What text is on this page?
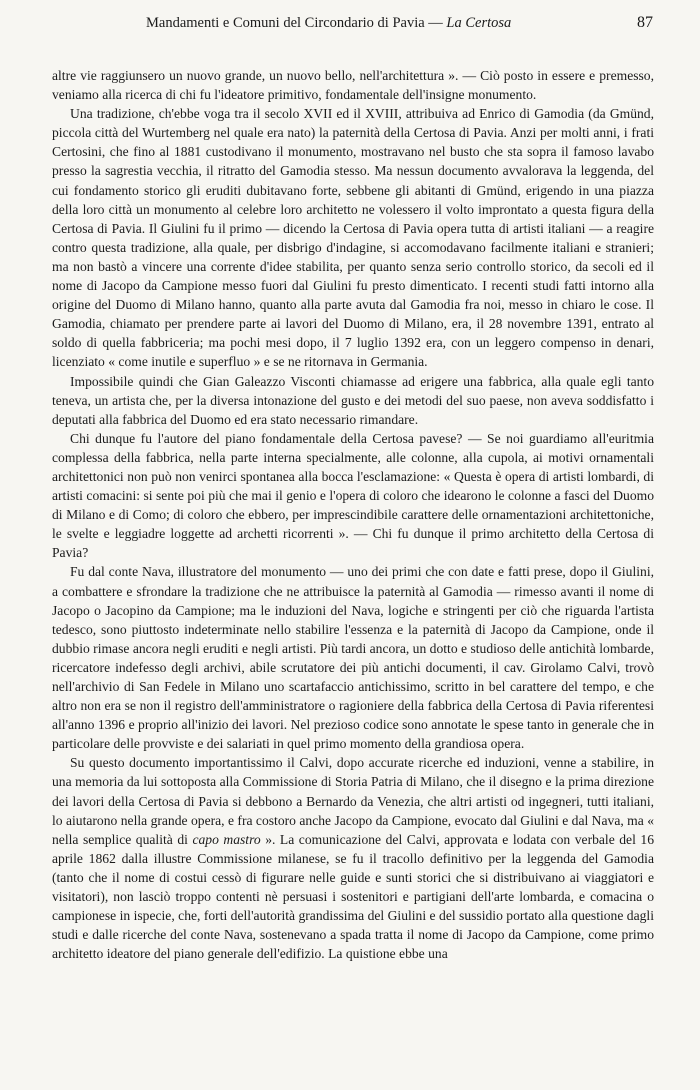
Mandamenti e Comuni del Circondario di Pavia — La Certosa	87

altre vie raggiunsero un nuovo grande, un nuovo bello, nell'architettura ». — Ciò posto in essere e premesso, veniamo alla ricerca di chi fu l'ideatore primitivo, fondamentale dell'insigne monumento.

Una tradizione, ch'ebbe voga tra il secolo XVII ed il XVIII, attribuiva ad Enrico di Gamodia (da Gmünd, piccola città del Wurtemberg nel quale era nato) la paternità della Certosa di Pavia. Anzi per molti anni, i frati Certosini, che fino al 1881 custodivano il monumento, mostravano nel busto che sta sopra il famoso lavabo presso la sagrestia vecchia, il ritratto del Gamodia stesso. Ma nessun documento avvalorava la leggenda, del cui fondamento storico gli eruditi dubitavano forte, sebbene gli abitanti di Gmünd, erigendo in una piazza della loro città un monumento al celebre loro architetto ne volessero il volto improntato a questa figura della Certosa di Pavia. Il Giulini fu il primo — dicendo la Certosa di Pavia opera tutta di artisti italiani — a reagire contro questa tradizione, alla quale, per disbrigo d'indagine, si accomodavano facilmente italiani e stranieri; ma non bastò a vincere una corrente d'idee stabilita, per quanto senza serio controllo storico, da secoli ed il nome di Jacopo da Campione messo fuori dal Giulini fu presto dimenticato. I recenti studi fatti intorno alla origine del Duomo di Milano hanno, quanto alla parte avuta dal Gamodia fra noi, messo in chiaro le cose. Il Gamodia, chiamato per prendere parte ai lavori del Duomo di Milano, era, il 28 novembre 1391, entrato al soldo di quella fabbriceria; ma pochi mesi dopo, il 7 luglio 1392 era, con un leggero compenso in denari, licenziato « come inutile e superfluo » e se ne ritornava in Germania.

Impossibile quindi che Gian Galeazzo Visconti chiamasse ad erigere una fabbrica, alla quale egli tanto teneva, un artista che, per la diversa intonazione del gusto e dei metodi del suo paese, non aveva soddisfatto i deputati alla fabbrica del Duomo ed era stato necessario rimandare.

Chi dunque fu l'autore del piano fondamentale della Certosa pavese? — Se noi guardiamo all'euritmia complessa della fabbrica, nella parte interna specialmente, alle colonne, alla cupola, ai motivi ornamentali architettonici non può non venirci spontanea alla bocca l'esclamazione: « Questa è opera di artisti lombardi, di artisti comacini: si sente poi più che mai il genio e l'opera di coloro che idearono le colonne a fasci del Duomo di Milano e di Como; di coloro che ebbero, per imprescindibile carattere delle ornamentazioni architettoniche, le svelte e leggiadre loggette ad archetti ricorrenti ». — Chi fu dunque il primo architetto della Certosa di Pavia?

Fu dal conte Nava, illustratore del monumento — uno dei primi che con date e fatti prese, dopo il Giulini, a combattere e sfrondare la tradizione che ne attribuisce la paternità al Gamodia — rimesso avanti il nome di Jacopo o Jacopino da Campione; ma le induzioni del Nava, logiche e stringenti per ciò che riguarda l'artista tedesco, sono piuttosto indeterminate nello stabilire l'essenza e la paternità di Jacopo da Campione, onde il dubbio rimase ancora negli eruditi e negli artisti. Più tardi ancora, un dotto e studioso delle antichità lombarde, ricercatore indefesso degli archivi, abile scrutatore dei più antichi documenti, il cav. Girolamo Calvi, trovò nell'archivio di San Fedele in Milano uno scartafaccio antichissimo, scritto in bel carattere del tempo, e che altro non era se non il registro dell'amministratore o ragioniere della fabbrica della Certosa di Pavia riferentesi all'anno 1396 e proprio all'inizio dei lavori. Nel prezioso codice sono annotate le spese tanto in generale che in particolare delle provviste e dei salariati in quel primo momento della grandiosa opera.

Su questo documento importantissimo il Calvi, dopo accurate ricerche ed induzioni, venne a stabilire, in una memoria da lui sottoposta alla Commissione di Storia Patria di Milano, che il disegno e la prima direzione dei lavori della Certosa di Pavia si debbono a Bernardo da Venezia, che altri artisti od ingegneri, tutti italiani, lo aiutarono nella grande opera, e fra costoro anche Jacopo da Campione, evocato dal Giulini e dal Nava, ma « nella semplice qualità di capo mastro ». La comunicazione del Calvi, approvata e lodata con verbale del 16 aprile 1862 dalla illustre Commissione milanese, se fu il tracollo definitivo per la leggenda del Gamodia (tanto che il nome di costui cessò di figurare nelle guide e sunti storici che si distribuivano ai viaggiatori e visitatori), non lasciò troppo contenti nè persuasi i sostenitori e partigiani dell'arte lombarda, e comacina o campionese in ispecie, che, forti dell'autorità grandissima del Giulini e del sussidio portato alla questione dagli studi e dalle ricerche del conte Nava, sostenevano a spada tratta il nome di Jacopo da Campione, come primo architetto ideatore del piano generale dell'edifizio. La quistione ebbe una
